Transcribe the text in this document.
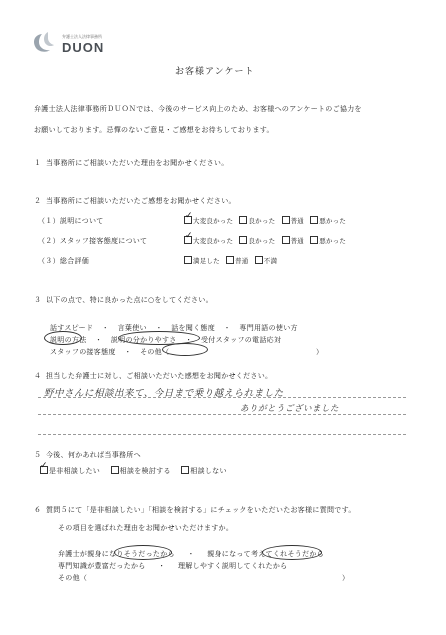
弁護士法人法律事務所
DUON
お客様アンケート
弁護士法人法律事務所ＤＵＯＮでは、今後のサービス向上のため、お客様へのアンケートのご協力を
お願いしております。忌憚のないご意見・ご感想をお待ちしております。
１ 当事務所にご相談いただいた理由をお聞かせください。
２ 当事務所にご相談いただいたご感想をお聞かせください。
（１）説明について	大変良かった 良かった 普通 悪かった
✓
（２）スタッフ接客態度について	大変良かった 良かった 普通 悪かった
✓
（３）総合評価	満足した 普通 不満
３ 以下の点で、特に良かった点に○をしてください。
話すスピード ・ 言葉使い ・ 話を聞く態度 ・ 専門用語の使い方
説明の方法 ・ 説明の分かりやすさ ・ 受付スタッフの電話応対
スタッフの接客態度 ・ その他（	）
４ 担当した弁護士に対し、ご相談いただいた感想をお聞かせください。
野中さんに相談出来て、今日まで乗り越えられました
ありがとうございました
５ 今後、何かあれば当事務所へ
是非相談したい	相談を検討する	相談しない
✓
６ 質問５にて「是非相談したい」「相談を検討する」にチェックをいただいたお客様に質問です。
その項目を選ばれた理由をお聞かせいただけますか。
弁護士が親身になりそうだったから ・ 親身になって考えてくれそうだから
専門知識が豊富だったから ・ 理解しやすく説明してくれたから
その他（	）
